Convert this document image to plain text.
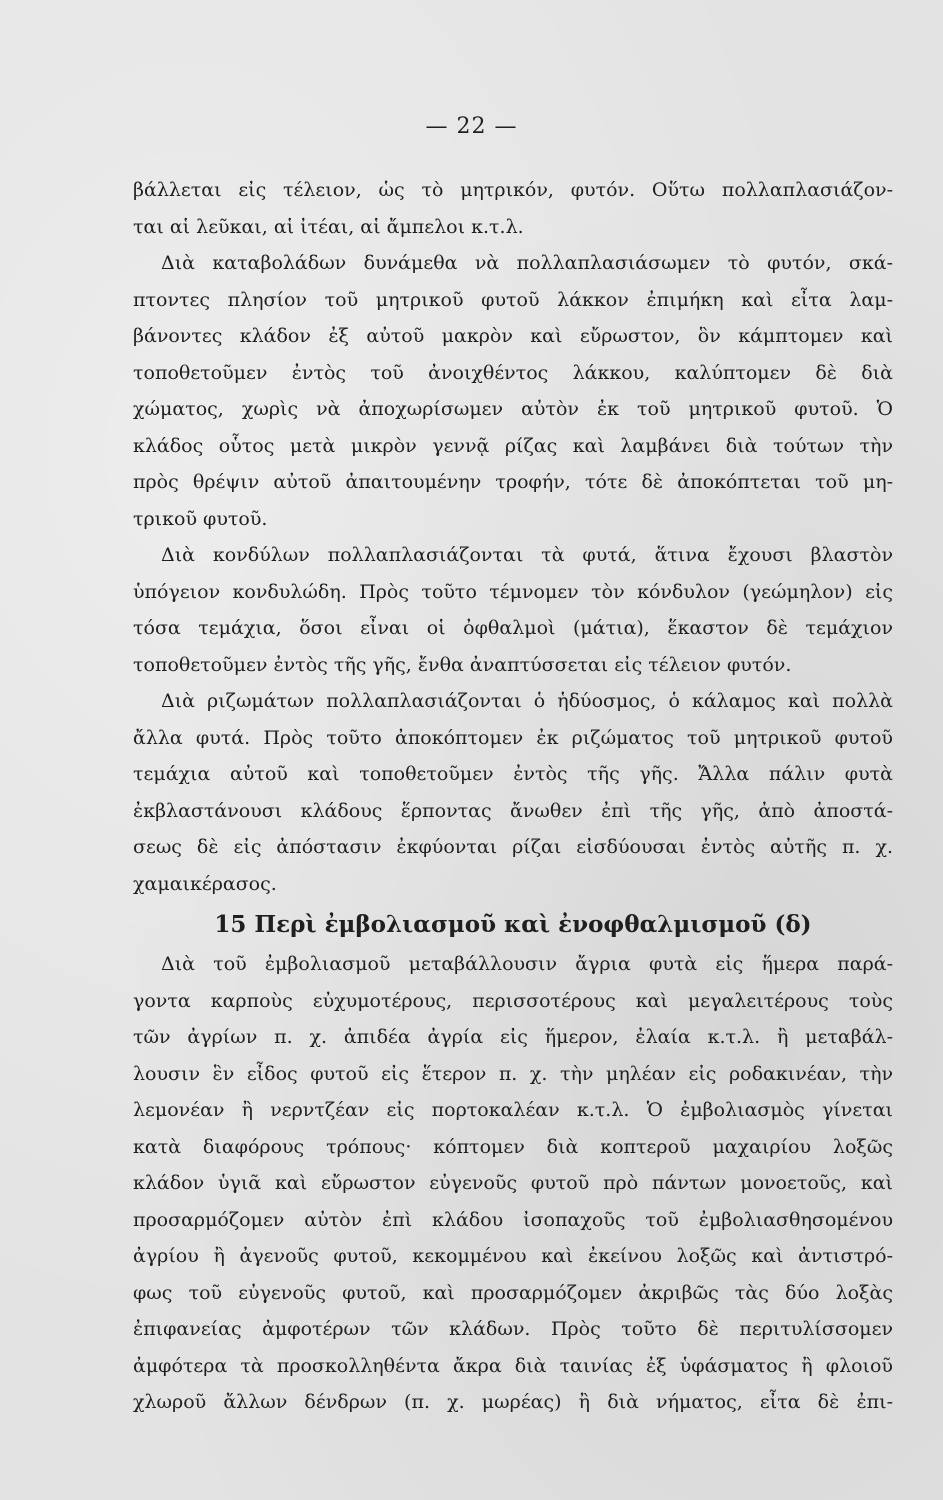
— 22 —
βάλλεται εἰς τέλειον, ὡς τὸ μητρικόν, φυτόν. Οὕτω πολλαπλασιάζον-
ται αἱ λεῦκαι, αἱ ἰτέαι, αἱ ἄμπελοι κ.τ.λ.
Διὰ καταβολάδων δυνάμεθα νὰ πολλαπλασιάσωμεν τὸ φυτόν, σκά-
πτοντες πλησίον τοῦ μητρικοῦ φυτοῦ λάκκον ἐπιμήκη καὶ εἶτα λαμ-
βάνοντες κλάδον ἐξ αὐτοῦ μακρὸν καὶ εὔρωστον, ὃν κάμπτομεν καὶ
τοποθετοῦμεν ἐντὸς τοῦ ἀνοιχθέντος λάκκου, καλύπτομεν δὲ διὰ
χώματος, χωρὶς νὰ ἀποχωρίσωμεν αὐτὸν ἐκ τοῦ μητρικοῦ φυτοῦ. Ὁ
κλάδος οὗτος μετὰ μικρὸν γεννᾷ ρίζας καὶ λαμβάνει διὰ τούτων τὴν
πρὸς θρέψιν αὐτοῦ ἀπαιτουμένην τροφήν, τότε δὲ ἀποκόπτεται τοῦ μη-
τρικοῦ φυτοῦ.
Διὰ κονδύλων πολλαπλασιάζονται τὰ φυτά, ἅτινα ἔχουσι βλαστὸν
ὑπόγειον κονδυλώδη. Πρὸς τοῦτο τέμνομεν τὸν κόνδυλον (γεώμηλον) εἰς
τόσα τεμάχια, ὅσοι εἶναι οἱ ὀφθαλμοὶ (μάτια), ἕκαστον δὲ τεμάχιον
τοποθετοῦμεν ἐντὸς τῆς γῆς, ἔνθα ἀναπτύσσεται εἰς τέλειον φυτόν.
Διὰ ριζωμάτων πολλαπλασιάζονται ὁ ἡδύοσμος, ὁ κάλαμος καὶ πολλὰ
ἄλλα φυτά. Πρὸς τοῦτο ἀποκόπτομεν ἐκ ριζώματος τοῦ μητρικοῦ φυτοῦ
τεμάχια αὐτοῦ καὶ τοποθετοῦμεν ἐντὸς τῆς γῆς. Ἄλλα πάλιν φυτὰ
ἐκβλαστάνουσι κλάδους ἕρποντας ἄνωθεν ἐπὶ τῆς γῆς, ἀπὸ ἀποστά-
σεως δὲ εἰς ἀπόστασιν ἐκφύονται ρίζαι εἰσδύουσαι ἐντὸς αὐτῆς π. χ.
χαμαικέρασος.
15 Περὶ ἐμβολιασμοῦ καὶ ἐνοφθαλμισμοῦ (δ)
Διὰ τοῦ ἐμβολιασμοῦ μεταβάλλουσιν ἄγρια φυτὰ εἰς ἥμερα παρά-
γοντα καρποὺς εὐχυμοτέρους, περισσοτέρους καὶ μεγαλειτέρους τοὺς
τῶν ἀγρίων π. χ. ἀπιδέα ἀγρία εἰς ἥμερον, ἐλαία κ.τ.λ. ἢ μεταβάλ-
λουσιν ἓν εἶδος φυτοῦ εἰς ἕτερον π. χ. τὴν μηλέαν εἰς ροδακινέαν, τὴν
λεμονέαν ἢ νερντζέαν εἰς πορτοκαλέαν κ.τ.λ. Ὁ ἐμβολιασμὸς γίνεται
κατὰ διαφόρους τρόπους· κόπτομεν διὰ κοπτεροῦ μαχαιρίου λοξῶς
κλάδον ὑγιᾶ καὶ εὔρωστον εὐγενοῦς φυτοῦ πρὸ πάντων μονοετοῦς, καὶ
προσαρμόζομεν αὐτὸν ἐπὶ κλάδου ἰσοπαχοῦς τοῦ ἐμβολιασθησομένου
ἀγρίου ἢ ἀγενοῦς φυτοῦ, κεκομμένου καὶ ἐκείνου λοξῶς καὶ ἀντιστρό-
φως τοῦ εὐγενοῦς φυτοῦ, καὶ προσαρμόζομεν ἀκριβῶς τὰς δύο λοξὰς
ἐπιφανείας ἀμφοτέρων τῶν κλάδων. Πρὸς τοῦτο δὲ περιτυλίσσομεν
ἀμφότερα τὰ προσκολληθέντα ἄκρα διὰ ταινίας ἐξ ὑφάσματος ἢ φλοιοῦ
χλωροῦ ἄλλων δένδρων (π. χ. μωρέας) ἢ διὰ νήματος, εἶτα δὲ ἐπι-
